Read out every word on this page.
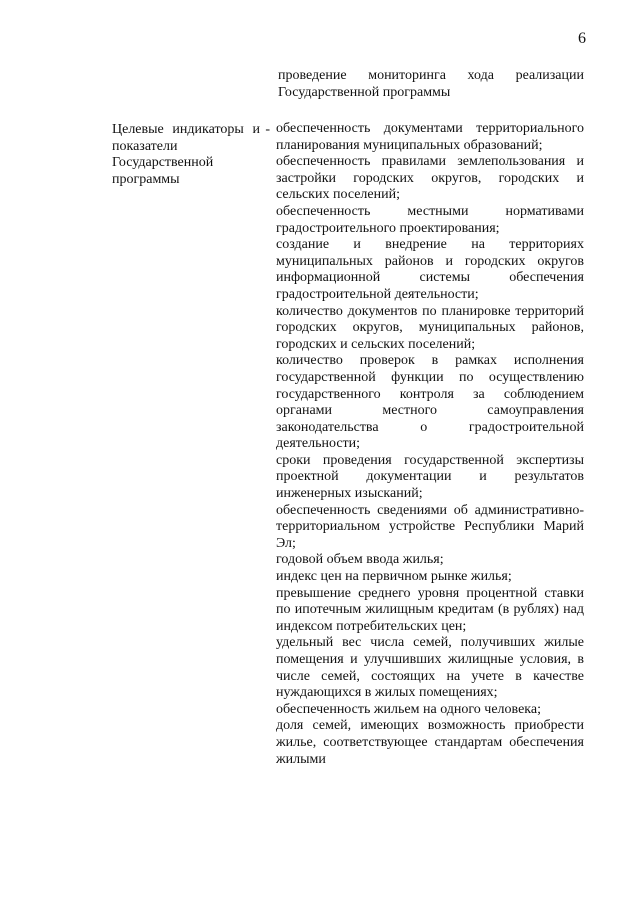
6
проведение мониторинга хода реализации Государственной программы
Целевые индикаторы и показатели Государственной программы
- обеспеченность документами территориального планирования муниципальных образований;
обеспеченность правилами землепользования и застройки городских округов, городских и сельских поселений;
обеспеченность местными нормативами градостроительного проектирования;
создание и внедрение на территориях муниципальных районов и городских округов информационной системы обеспечения градостроительной деятельности;
количество документов по планировке территорий городских округов, муниципальных районов, городских и сельских поселений;
количество проверок в рамках исполнения государственной функции по осуществлению государственного контроля за соблюдением органами местного самоуправления законодательства о градостроительной деятельности;
сроки проведения государственной экспертизы проектной документации и результатов инженерных изысканий;
обеспеченность сведениями об административно-территориальном устройстве Республики Марий Эл;
годовой объем ввода жилья;
индекс цен на первичном рынке жилья;
превышение среднего уровня процентной ставки по ипотечным жилищным кредитам (в рублях) над индексом потребительских цен;
удельный вес числа семей, получивших жилые помещения и улучшивших жилищные условия, в числе семей, состоящих на учете в качестве нуждающихся в жилых помещениях;
обеспеченность жильем на одного человека;
доля семей, имеющих возможность приобрести жилье, соответствующее стандартам обеспечения жилыми
